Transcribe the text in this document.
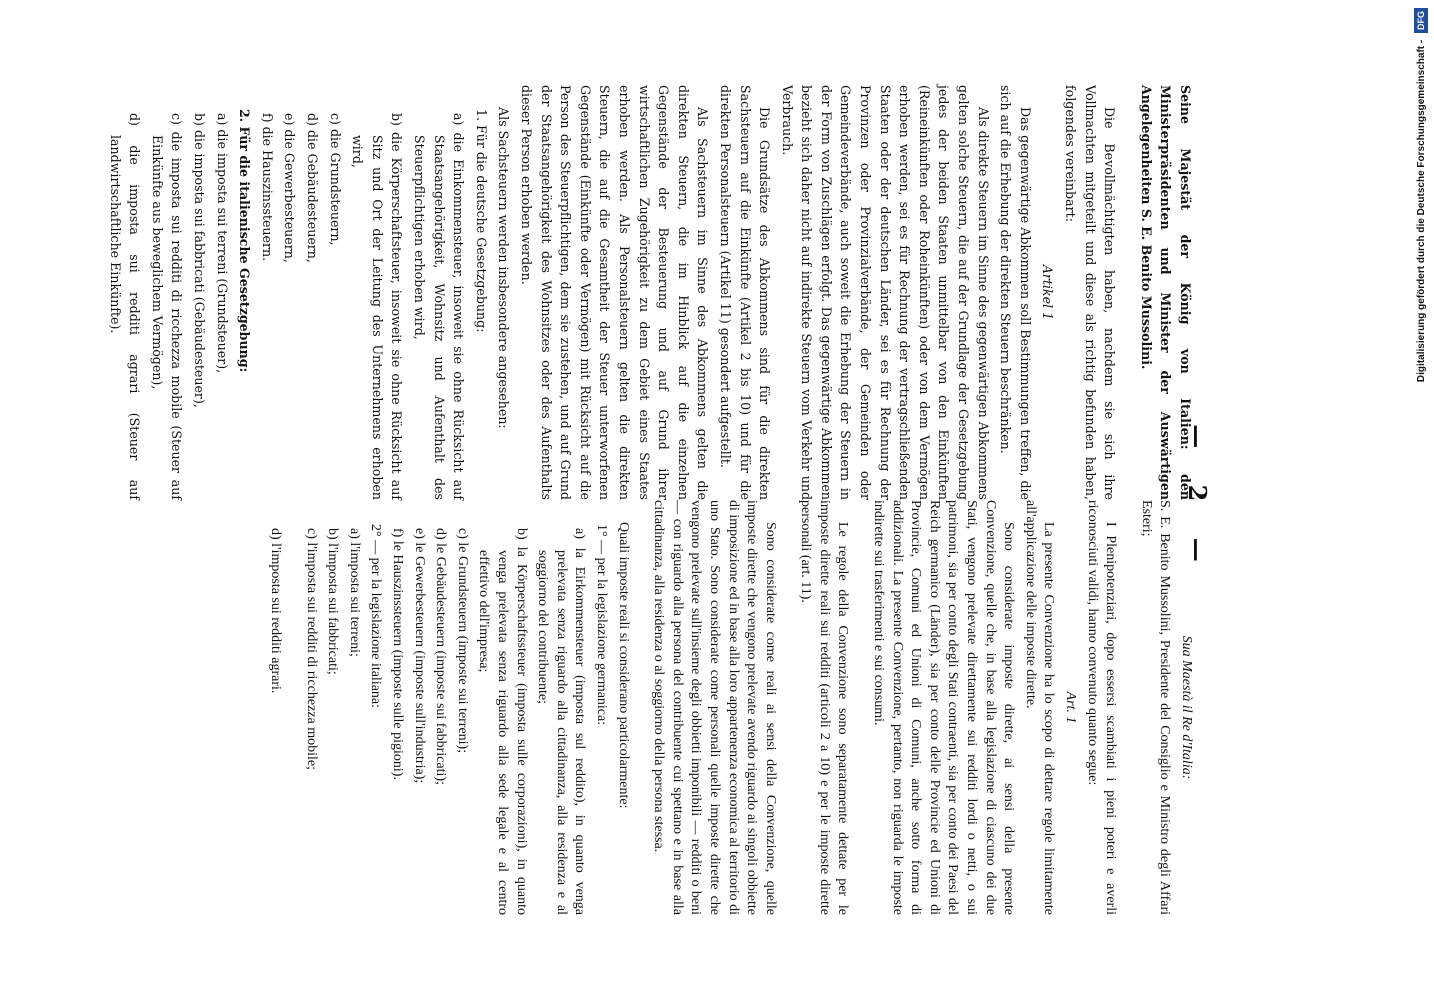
— 2 —

Seine Majestät der König von Italien: den Ministerpräsidenten und Minister der Auswärtigen Angelegenheiten S. E. Benito Mussolini.

Die Bevollmächtigten haben, nachdem sie sich ihre Vollmachten mitgeteilt und diese als richtig befunden haben, folgendes vereinbart:

Artikel 1

Das gegenwärtige Abkommen soll Bestimmungen treffen, die sich auf die Erhebung der direkten Steuern beschränken.

Als direkte Steuern im Sinne des gegenwärtigen Abkommens gelten solche Steuern, die auf der Grundlage der Gesetzgebung jedes der beiden Staaten unmittelbar von den Einkünften (Reineinkünften oder Roheinkünften) oder von dem Vermögen erhoben werden, sei es für Rechnung der vertragschließenden Staaten oder der deutschen Länder, sei es für Rechnung der Provinzen oder Provinzialverbände, der Gemeinden oder Gemeindeverbände, auch soweit die Erhebung der Steuern in der Form von Zuschlägen erfolgt. Das gegenwärtige Abkommen bezieht sich daher nicht auf indirekte Steuern vom Verkehr und Verbrauch.

Die Grundsätze des Abkommens sind für die direkten Sachsteuern auf die Einkünfte (Artikel 2 bis 10) und für die direkten Personalsteuern (Artikel 11) gesondert aufgestellt.

Als Sachsteuern im Sinne des Abkommens gelten die direkten Steuern, die im Hinblick auf die einzelnen Gegenstände der Besteuerung und auf Grund ihrer wirtschaftlichen Zugehörigkeit zu dem Gebiet eines Staates erhoben werden. Als Personalsteuern gelten die direkten Steuern, die auf die Gesamtheit der Steuer unterworfenen Gegenstände (Einkünfte oder Vermögen) mit Rücksicht auf die Person des Steuerpflichtigen, dem sie zustehen, und auf Grund der Staatsangehörigkeit des Wohnsitzes oder des Aufenthalts dieser Person erhoben werden.

Als Sachsteuern werden insbesondere angesehen:

1. Für die deutsche Gesetzgebung:

a) die Einkommensteuer, insoweit sie ohne Rücksicht auf Staatsangehörigkeit, Wohnsitz und Aufenthalt des Steuerpflichtigen erhoben wird,

b) die Körperschaftsteuer, insoweit sie ohne Rücksicht auf Sitz und Ort der Leitung des Unternehmens erhoben wird,

c) die Grundsteuern,

d) die Gebäudesteuern,

e) die Gewerbesteuern,

f) die Hauszinssteuern.

2. Für die italienische Gesetzgebung:

a) die imposta sui terreni (Grundsteuer),

b) die imposta sui fabbricati (Gebäudesteuer),

c) die imposta sui redditi di ricchezza mobile (Steuer auf Einkünfte aus beweglichem Vermögen),

d) die imposta sui redditi agrari (Steuer auf landwirtschaftliche Einkünfte).

Sua Maestà il Re d'Italia:

S. E. Benito Mussolini, Presidente del Consiglio e Ministro degli Affari Esteri;

I Plenipotenziari, dopo essersi scambiati i pieni poteri e averli riconosciuti validi, hanno convenuto quanto segue:

Art. 1

La presente Convenzione ha lo scopo di dettare regole limitamente all'applicazione delle imposte dirette.

Sono considerate imposte dirette, ai sensi della presente Convenzione, quelle che, in base alla legislazione di ciascuno dei due Stati, vengono prelevate direttamente sui redditi lordi o netti, o sui patrimoni, sia per conto degli Stati contraenti, sia per conto dei Paesi del Reich germanico (Länder), sia per conto delle Provincie ed Unioni di Provincie, Comuni ed Unioni di Comuni, anche sotto forma di addizionali. La presente Convenzione, pertanto, non riguarda le imposte indirette sui trasferimenti e sui consumi.

Le regole della Convenzione sono separatamente dettate per le imposte dirette reali sui redditi (articoli 2 a 10) e per le imposte dirette personali (art. 11).

Sono considerate come reali ai sensi della Convenzione, quelle imposte dirette che vengono prelevate avendo riguardo ai singoli obbiette di imposizione ed in base alla loro appartenenza economica al territorio di uno Stato. Sono considerate come personali quelle imposte dirette che vengono prelevate sull'insieme degli obbietti imponibili — redditi o beni — con riguardo alla persona del contribuente cui spettano e in base alla cittadinanza, alla residenza o al soggiorno della persona stessa.

Quali imposte reali si considerano particolarmente:

1° — per la legislazione germanica:

a) la Eirkommensteuer (imposta sul reddito), in quanto venga prelevata senza riguardo alla cittadinanza, alla residenza e al soggiorno del contribuente;

b) la Körperschaftssteuer (imposta sulle corporazioni), in quanto venga prelevata senza riguardo alla sede legale e al centro effettivo dell'impresa;

c) le Grundsteuern (imposte sui terreni);

d) le Gebäudesteuern (imposte sui fabbricati);

e) le Gewerbesteuern (imposte sull'industria);

f) le Hauszinssteuern (imposte sulle pigioni).

2° — per la legislazione italiana:

a) l'imposta sui terreni;

b) l'imposta sui fabbricati;

c) l'imposta sui redditi di ricchezza mobile;

d) l'imposta sui redditi agrari.

Digitalisierung gefördert durch die Deutsche Forschungsgemeinschaft - DFG
